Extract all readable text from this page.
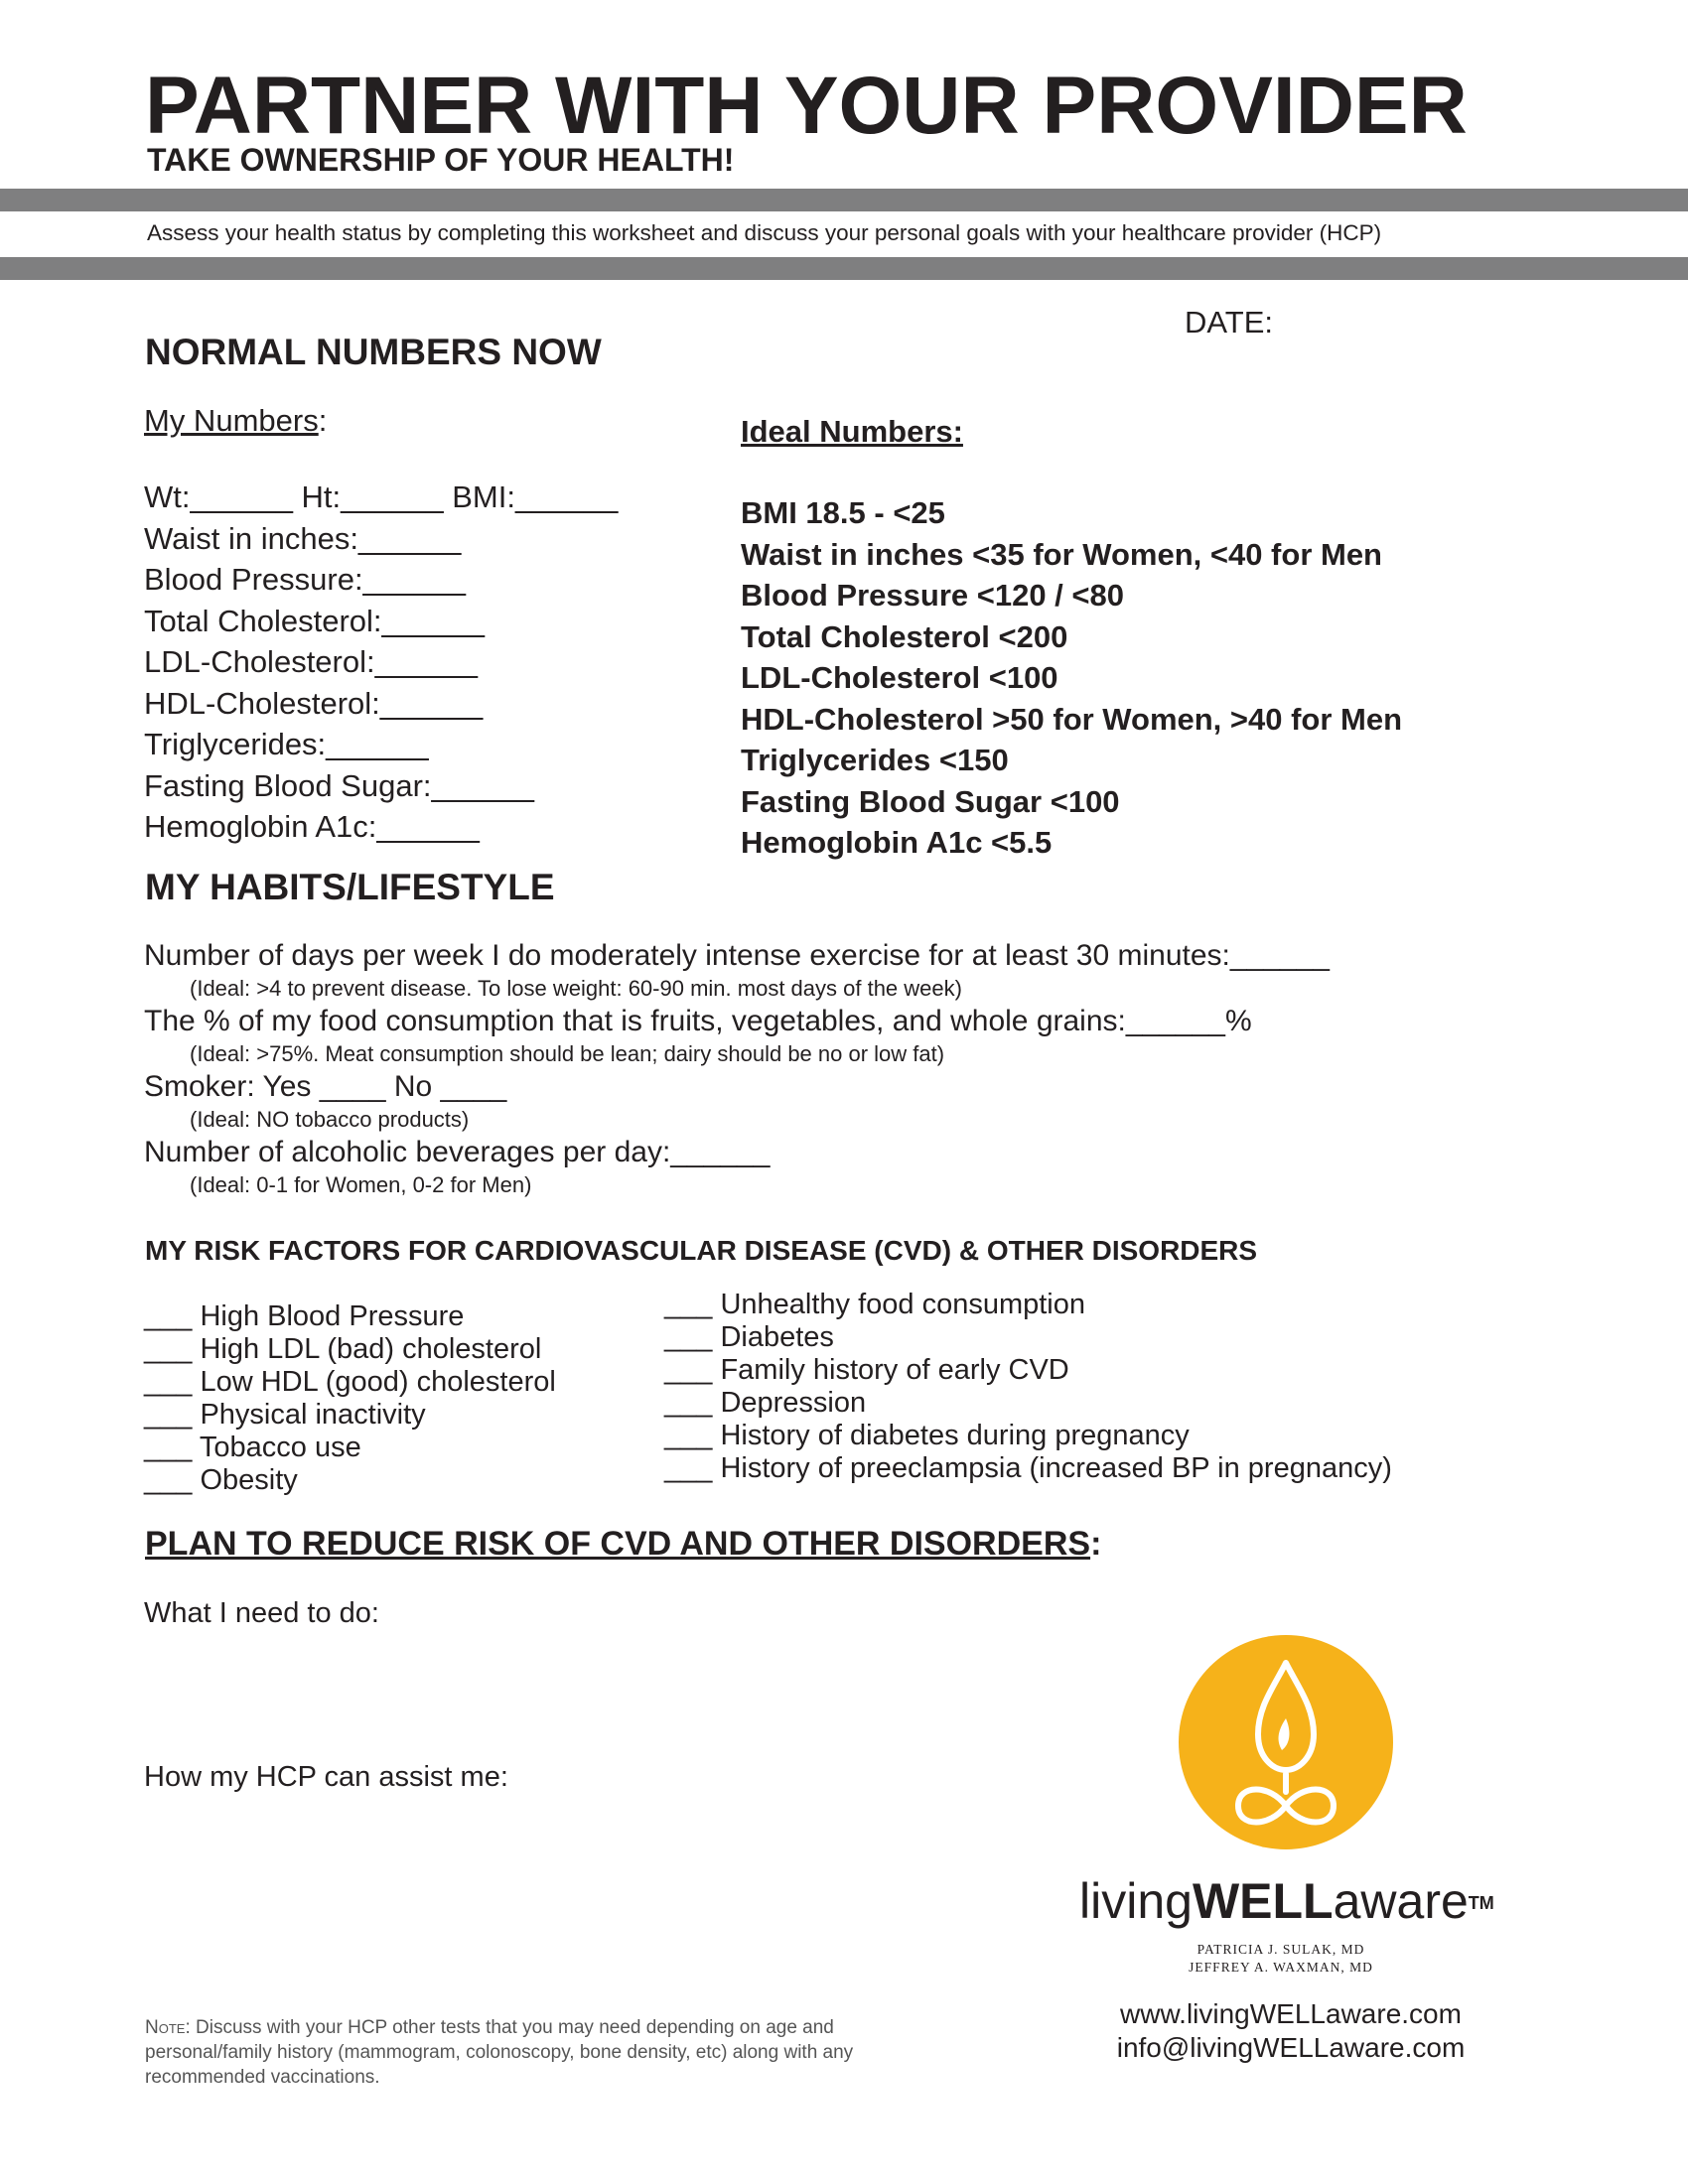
PARTNER WITH YOUR PROVIDER
TAKE OWNERSHIP OF YOUR HEALTH!
Assess your health status by completing this worksheet and discuss your personal goals with your healthcare provider (HCP)
DATE:
NORMAL NUMBERS NOW
My Numbers:	Ideal Numbers:
Wt:______ Ht:______ BMI:______
Waist in inches:______
Blood Pressure:______
Total Cholesterol:______
LDL-Cholesterol:______
HDL-Cholesterol:______
Triglycerides:______
Fasting Blood Sugar:______
Hemoglobin A1c:______
BMI 18.5 - <25
Waist in inches <35 for Women, <40 for Men
Blood Pressure <120 / <80
Total Cholesterol <200
LDL-Cholesterol <100
HDL-Cholesterol >50 for Women, >40 for Men
Triglycerides <150
Fasting Blood Sugar <100
Hemoglobin A1c <5.5
MY HABITS/LIFESTYLE
Number of days per week I do moderately intense exercise for at least 30 minutes:______
(Ideal: >4 to prevent disease. To lose weight: 60-90 min. most days of the week)
The % of my food consumption that is fruits, vegetables, and whole grains:______%
(Ideal: >75%. Meat consumption should be lean; dairy should be no or low fat)
Smoker: Yes ____ No ____
(Ideal: NO tobacco products)
Number of alcoholic beverages per day:______
(Ideal: 0-1 for Women, 0-2 for Men)
MY RISK FACTORS FOR CARDIOVASCULAR DISEASE (CVD) & OTHER DISORDERS
___ High Blood Pressure
___ High LDL (bad) cholesterol
___ Low HDL (good) cholesterol
___ Physical inactivity
___ Tobacco use
___ Obesity
___ Unhealthy food consumption
___ Diabetes
___ Family history of early CVD
___ Depression
___ History of diabetes during pregnancy
___ History of preeclampsia (increased BP in pregnancy)
PLAN TO REDUCE RISK OF CVD AND OTHER DISORDERS:
What I need to do:
How my HCP can assist me:
livingWELLaware™
PATRICIA J. SULAK, MD
JEFFREY A. WAXMAN, MD
www.livingWELLaware.com
info@livingWELLaware.com
Note: Discuss with your HCP other tests that you may need depending on age and personal/family history (mammogram, colonoscopy, bone density, etc) along with any recommended vaccinations.
